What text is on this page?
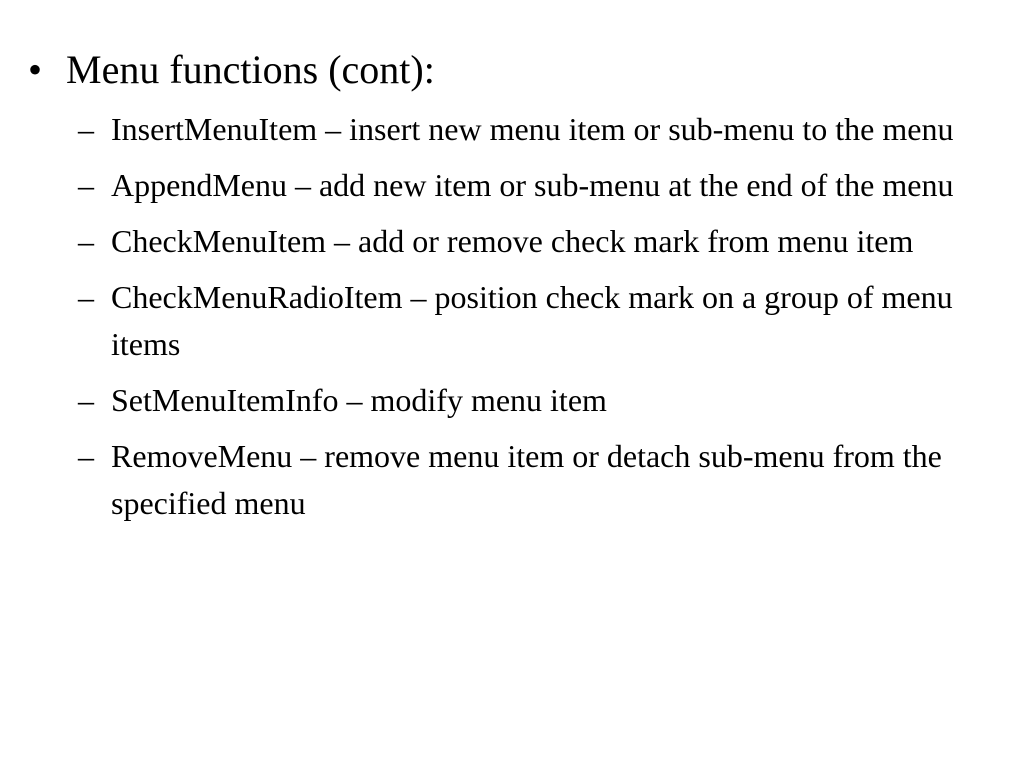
• Menu functions (cont):
– InsertMenuItem – insert new menu item or sub-menu to the menu
– AppendMenu – add new item or sub-menu at the end of the menu
– CheckMenuItem – add or remove check mark from menu item
– CheckMenuRadioItem – position check mark on a group of menu items
– SetMenuItemInfo – modify menu item
– RemoveMenu – remove menu item or detach sub-menu from the specified menu
